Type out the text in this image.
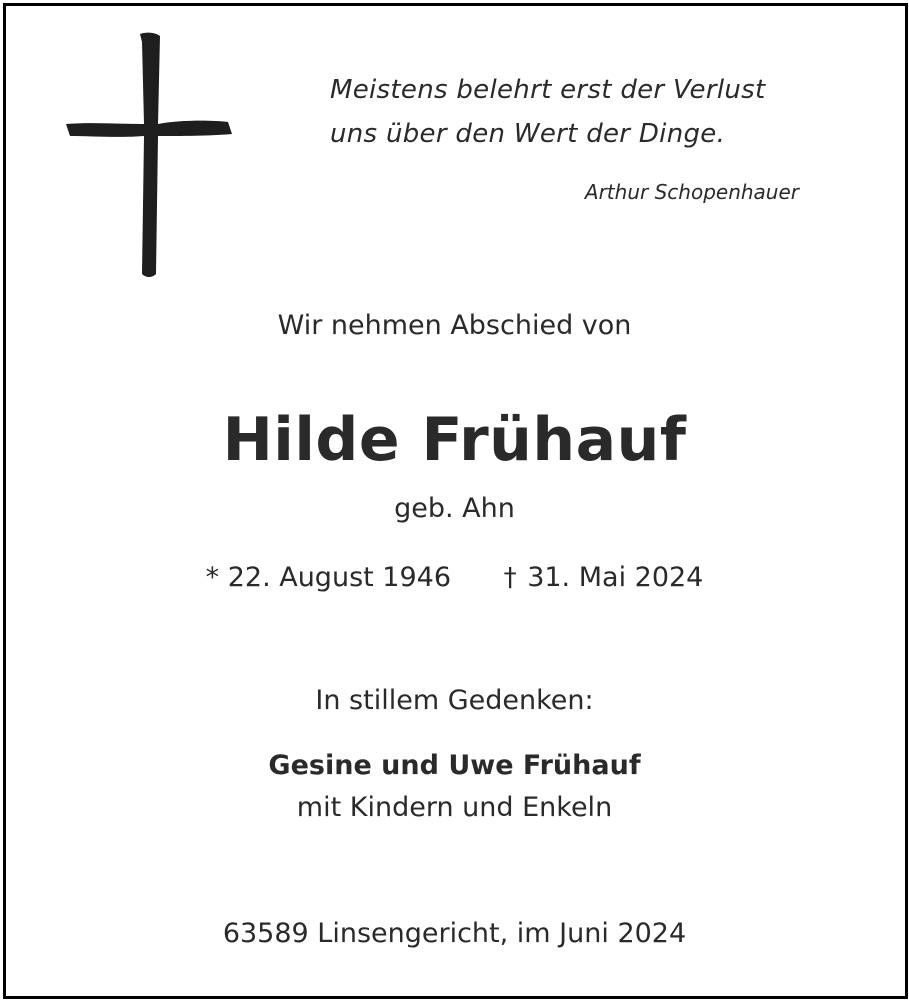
Meistens belehrt erst der Verlust
uns über den Wert der Dinge.
Arthur Schopenhauer
Wir nehmen Abschied von
Hilde Frühauf
geb. Ahn
* 22. August 1946 † 31. Mai 2024
In stillem Gedenken:
Gesine und Uwe Frühauf
mit Kindern und Enkeln
63589 Linsengericht, im Juni 2024
